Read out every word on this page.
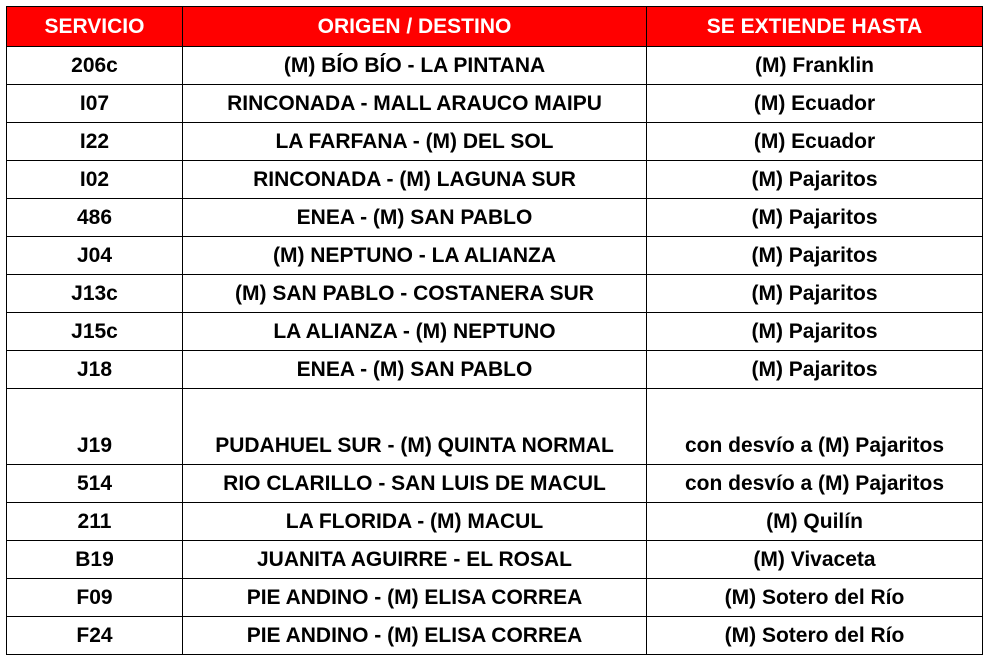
SERVICIO	ORIGEN / DESTINO	SE EXTIENDE HASTA
206c	(M) BÍO BÍO - LA PINTANA	(M) Franklin
I07	RINCONADA - MALL ARAUCO MAIPU	(M) Ecuador
I22	LA FARFANA - (M) DEL SOL	(M) Ecuador
I02	RINCONADA - (M) LAGUNA SUR	(M) Pajaritos
486	ENEA - (M) SAN PABLO	(M) Pajaritos
J04	(M) NEPTUNO - LA ALIANZA	(M) Pajaritos
J13c	(M) SAN PABLO - COSTANERA SUR	(M) Pajaritos
J15c	LA ALIANZA - (M) NEPTUNO	(M) Pajaritos
J18	ENEA - (M) SAN PABLO	(M) Pajaritos
J19	PUDAHUEL SUR - (M) QUINTA NORMAL	con desvío a (M) Pajaritos
514	RIO CLARILLO - SAN LUIS DE MACUL	con desvío a (M) Pajaritos
211	LA FLORIDA - (M) MACUL	(M) Quilín
B19	JUANITA AGUIRRE - EL ROSAL	(M) Vivaceta
F09	PIE ANDINO - (M) ELISA CORREA	(M) Sotero del Río
F24	PIE ANDINO - (M) ELISA CORREA	(M) Sotero del Río
